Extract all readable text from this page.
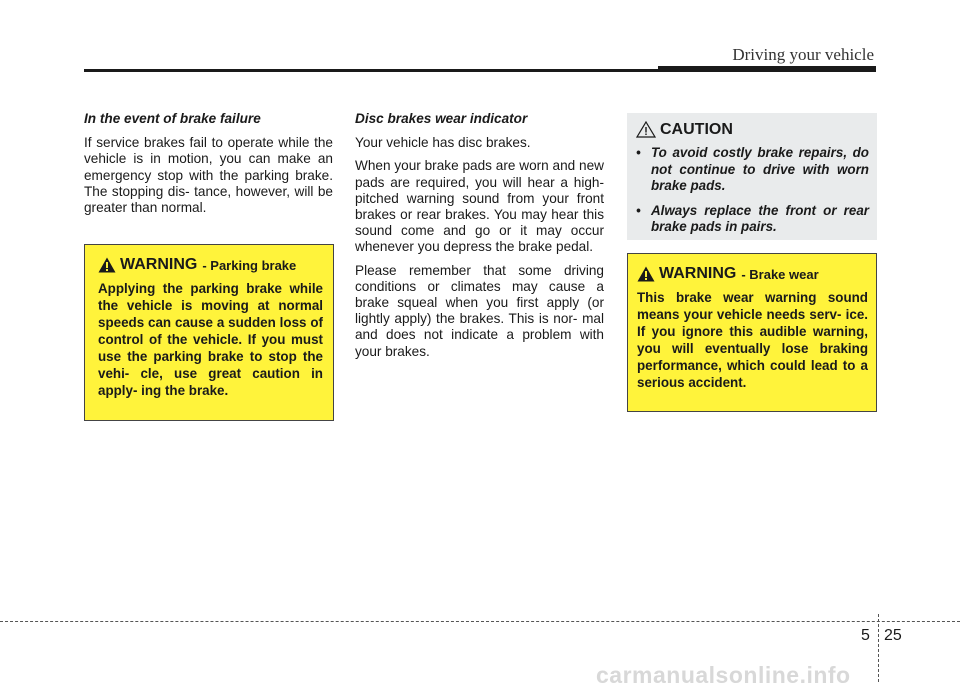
Driving your vehicle

In the event of brake failure

If service brakes fail to operate while the vehicle is in motion, you can make an emergency stop with the parking brake. The stopping dis- tance, however, will be greater than normal.

WARNING - Parking brake

Applying the parking brake while the vehicle is moving at normal speeds can cause a sudden loss of control of the vehicle. If you must use the parking brake to stop the vehi- cle, use great caution in apply- ing the brake.

Disc brakes wear indicator

Your vehicle has disc brakes.

When your brake pads are worn and new pads are required, you will hear a high-pitched warning sound from your front brakes or rear brakes. You may hear this sound come and go or it may occur whenever you depress the brake pedal.

Please remember that some driving conditions or climates may cause a brake squeal when you first apply (or lightly apply) the brakes. This is nor- mal and does not indicate a problem with your brakes.

CAUTION
• To avoid costly brake repairs, do not continue to drive with worn brake pads.
• Always replace the front or rear brake pads in pairs.
WARNING - Brake wear

This brake wear warning sound means your vehicle needs serv- ice. If you ignore this audible warning, you will eventually lose braking performance, which could lead to a serious accident.

5 25
carmanualsonline.info
